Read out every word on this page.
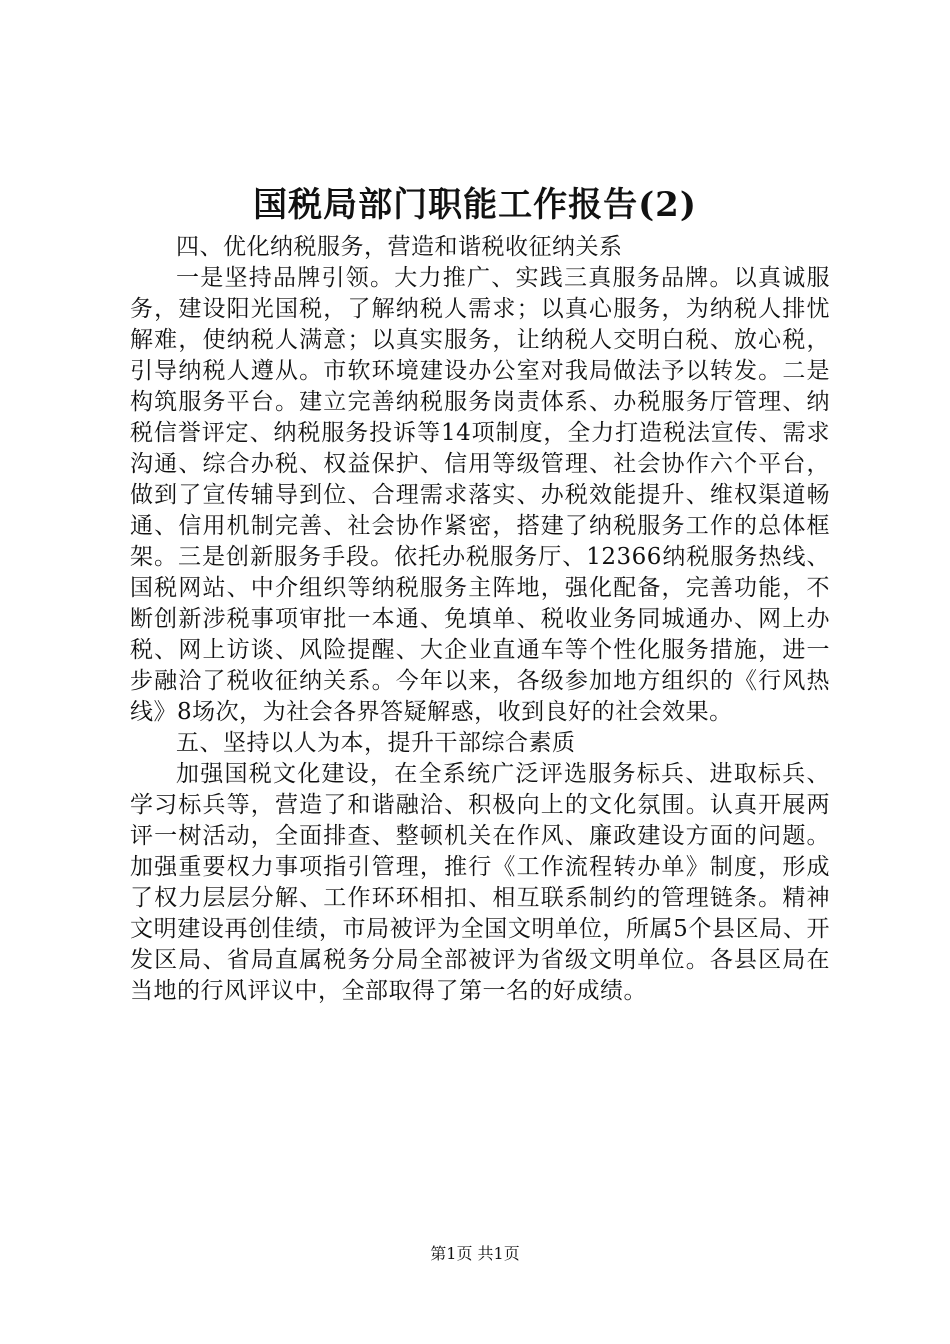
国税局部门职能工作报告(2)

四、优化纳税服务，营造和谐税收征纳关系

一是坚持品牌引领。大力推广、实践三真服务品牌。以真诚服务，建设阳光国税，了解纳税人需求；以真心服务，为纳税人排忧解难，使纳税人满意；以真实服务，让纳税人交明白税、放心税，引导纳税人遵从。市软环境建设办公室对我局做法予以转发。二是构筑服务平台。建立完善纳税服务岗责体系、办税服务厅管理、纳税信誉评定、纳税服务投诉等14项制度，全力打造税法宣传、需求沟通、综合办税、权益保护、信用等级管理、社会协作六个平台，做到了宣传辅导到位、合理需求落实、办税效能提升、维权渠道畅通、信用机制完善、社会协作紧密，搭建了纳税服务工作的总体框架。三是创新服务手段。依托办税服务厅、12366纳税服务热线、国税网站、中介组织等纳税服务主阵地，强化配备，完善功能，不断创新涉税事项审批一本通、免填单、税收业务同城通办、网上办税、网上访谈、风险提醒、大企业直通车等个性化服务措施，进一步融洽了税收征纳关系。今年以来，各级参加地方组织的《行风热线》8场次，为社会各界答疑解惑，收到良好的社会效果。

五、坚持以人为本，提升干部综合素质

加强国税文化建设，在全系统广泛评选服务标兵、进取标兵、学习标兵等，营造了和谐融洽、积极向上的文化氛围。认真开展两评一树活动，全面排查、整顿机关在作风、廉政建设方面的问题。加强重要权力事项指引管理，推行《工作流程转办单》制度，形成了权力层层分解、工作环环相扣、相互联系制约的管理链条。精神文明建设再创佳绩，市局被评为全国文明单位，所属5个县区局、开发区局、省局直属税务分局全部被评为省级文明单位。各县区局在当地的行风评议中，全部取得了第一名的好成绩。

第1页 共1页
